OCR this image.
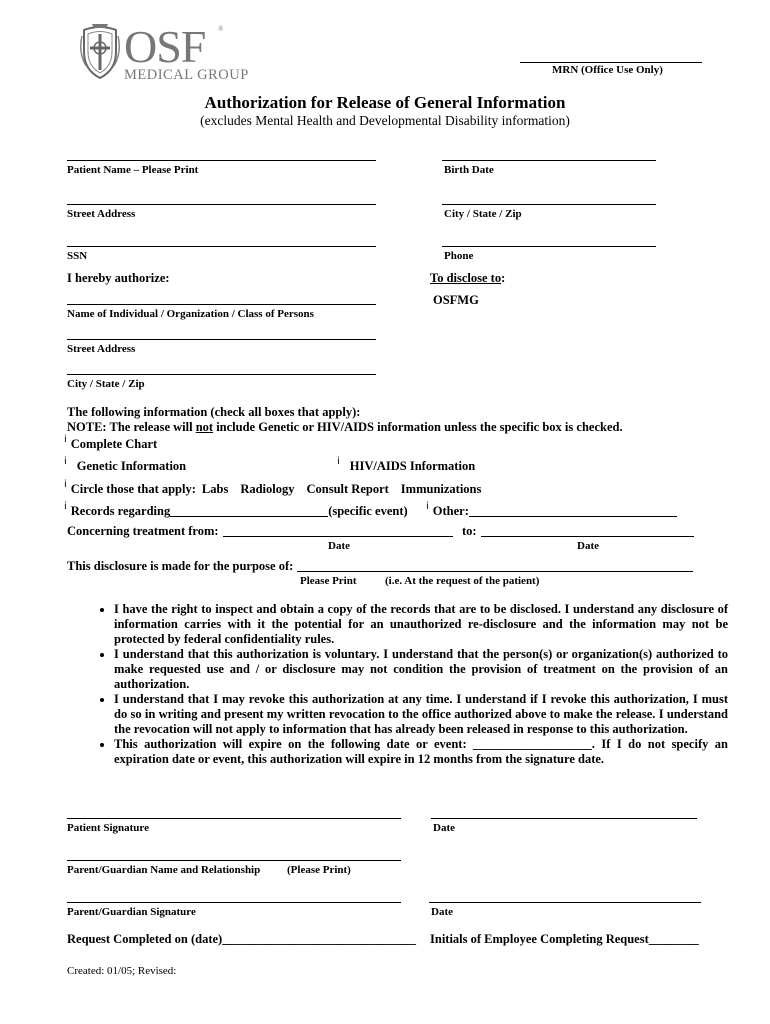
OSF ®
MEDICAL GROUP	MRN (Office Use Only)
Authorization for Release of General Information
(excludes Mental Health and Developmental Disability information)
Patient Name – Please Print	Birth Date
Street Address	City / State / Zip
SSN	Phone
I hereby authorize:	To disclose to:
OSFMG
Name of Individual / Organization / Class of Persons
Street Address
City / State / Zip
The following information (check all boxes that apply):
NOTE: The release will not include Genetic or HIV/AIDS information unless the specific box is checked.
ⅰ Complete Chart
ⅰ Genetic Information	ⅰ HIV/AIDS Information
ⅰ Circle those that apply: Labs Radiology Consult Report Immunizations
ⅰ Records regarding	(specific event) ⅰ Other:
Concerning treatment from:	to:
Date	Date
This disclosure is made for the purpose of:
Please Print	(i.e. At the request of the patient)
• I have the right to inspect and obtain a copy of the records that are to be disclosed. I understand any disclosure of information carries with it the potential for an unauthorized re-disclosure and the information may not be protected by federal confidentiality rules.
• I understand that this authorization is voluntary. I understand that the person(s) or organization(s) authorized to make requested use and / or disclosure may not condition the provision of treatment on the provision of an authorization.
• I understand that I may revoke this authorization at any time. I understand if I revoke this authorization, I must do so in writing and present my written revocation to the office authorized above to make the release. I understand the revocation will not apply to information that has already been released in response to this authorization.
• This authorization will expire on the following date or event: ___________________. If I do not specify an expiration date or event, this authorization will expire in 12 months from the signature date.
Patient Signature	Date
Parent/Guardian Name and Relationship (Please Print)
Parent/Guardian Signature	Date
Request Completed on (date)_______________________________ Initials of Employee Completing Request________
Created: 01/05; Revised:
